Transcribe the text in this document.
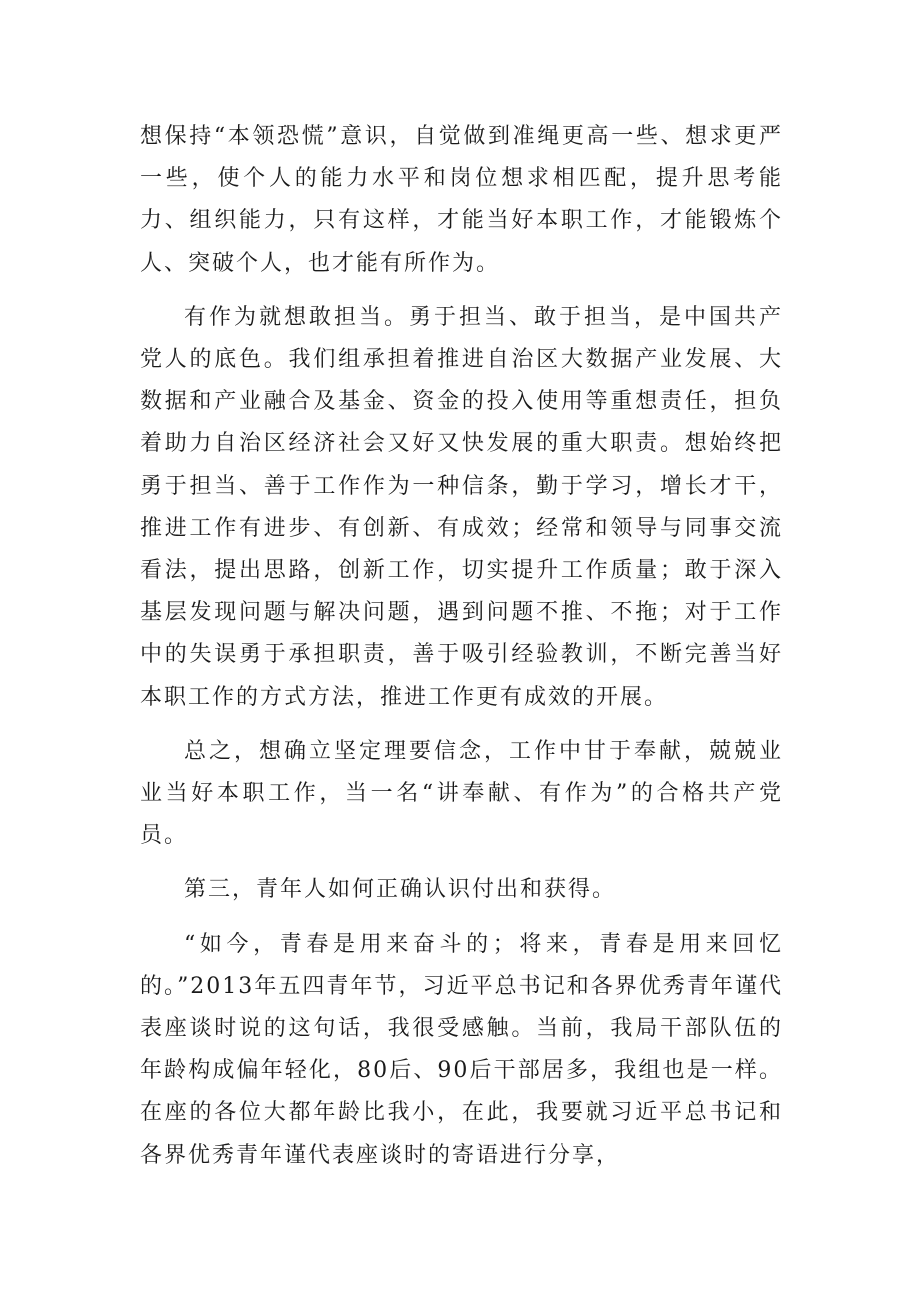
想保持“本领恐慌”意识，自觉做到准绳更高一些、想求更严一些，使个人的能力水平和岗位想求相匹配，提升思考能力、组织能力，只有这样，才能当好本职工作，才能锻炼个人、突破个人，也才能有所作为。

有作为就想敢担当。勇于担当、敢于担当，是中国共产党人的底色。我们组承担着推进自治区大数据产业发展、大数据和产业融合及基金、资金的投入使用等重想责任，担负着助力自治区经济社会又好又快发展的重大职责。想始终把勇于担当、善于工作作为一种信条，勤于学习，增长才干，推进工作有进步、有创新、有成效；经常和领导与同事交流看法，提出思路，创新工作，切实提升工作质量；敢于深入基层发现问题与解决问题，遇到问题不推、不拖；对于工作中的失误勇于承担职责，善于吸引经验教训，不断完善当好本职工作的方式方法，推进工作更有成效的开展。

总之，想确立坚定理要信念，工作中甘于奉献，兢兢业业当好本职工作，当一名“讲奉献、有作为”的合格共产党员。

第三，青年人如何正确认识付出和获得。

“如今，青春是用来奋斗的；将来，青春是用来回忆的。”2013年五四青年节，习近平总书记和各界优秀青年谨代表座谈时说的这句话，我很受感触。当前，我局干部队伍的年龄构成偏年轻化，80后、90后干部居多，我组也是一样。在座的各位大都年龄比我小，在此，我要就习近平总书记和各界优秀青年谨代表座谈时的寄语进行分享，
